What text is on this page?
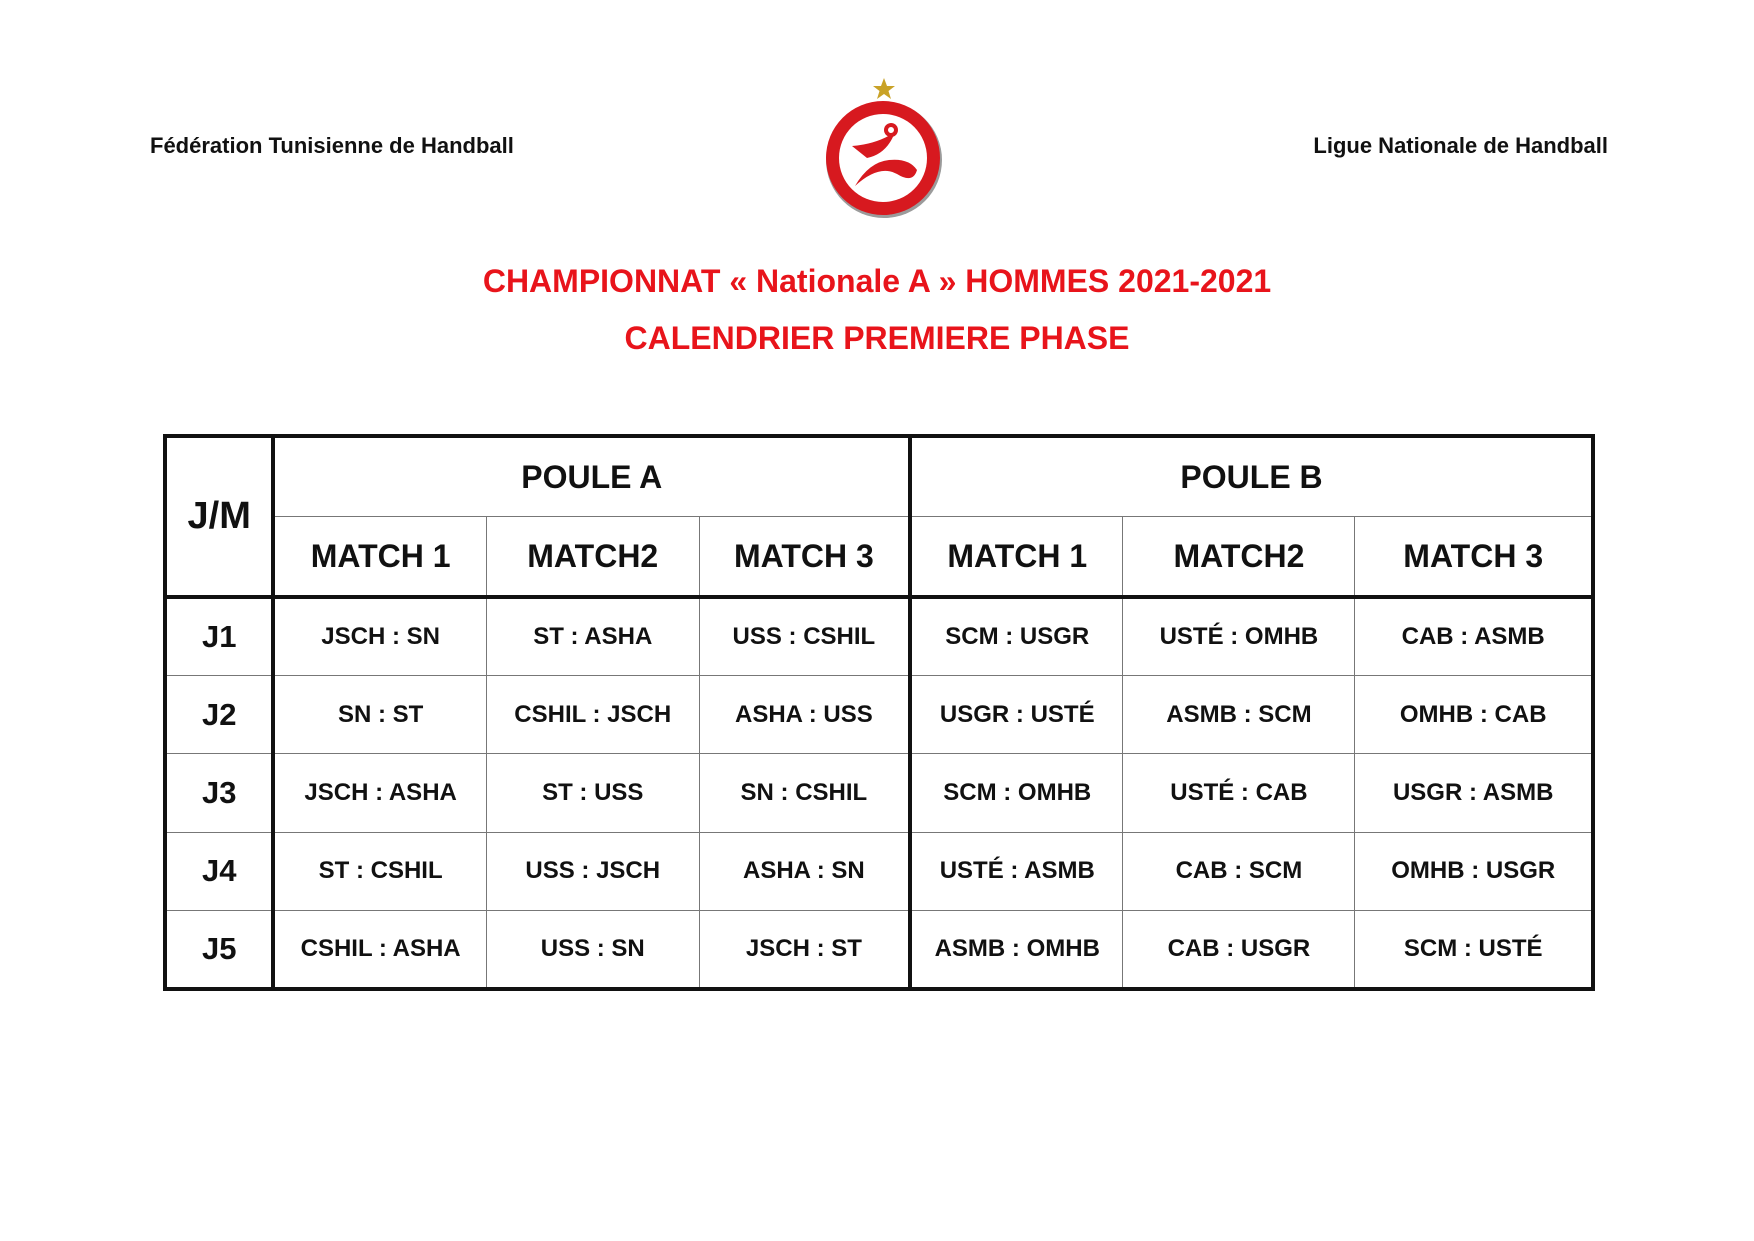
Fédération Tunisienne de Handball	Ligue Nationale de Handball
CHAMPIONNAT « Nationale A » HOMMES 2021-2021
CALENDRIER PREMIERE PHASE
J/M	POULE A			POULE B		
	MATCH 1	MATCH2	MATCH 3	MATCH 1	MATCH2	MATCH 3
J1	JSCH : SN	ST : ASHA	USS : CSHIL	SCM : USGR	USTÉ : OMHB	CAB : ASMB
J2	SN : ST	CSHIL : JSCH	ASHA : USS	USGR : USTÉ	ASMB : SCM	OMHB : CAB
J3	JSCH : ASHA	ST : USS	SN : CSHIL	SCM : OMHB	USTÉ : CAB	USGR : ASMB
J4	ST : CSHIL	USS : JSCH	ASHA : SN	USTÉ : ASMB	CAB : SCM	OMHB : USGR
J5	CSHIL : ASHA	USS : SN	JSCH : ST	ASMB : OMHB	CAB : USGR	SCM : USTÉ
